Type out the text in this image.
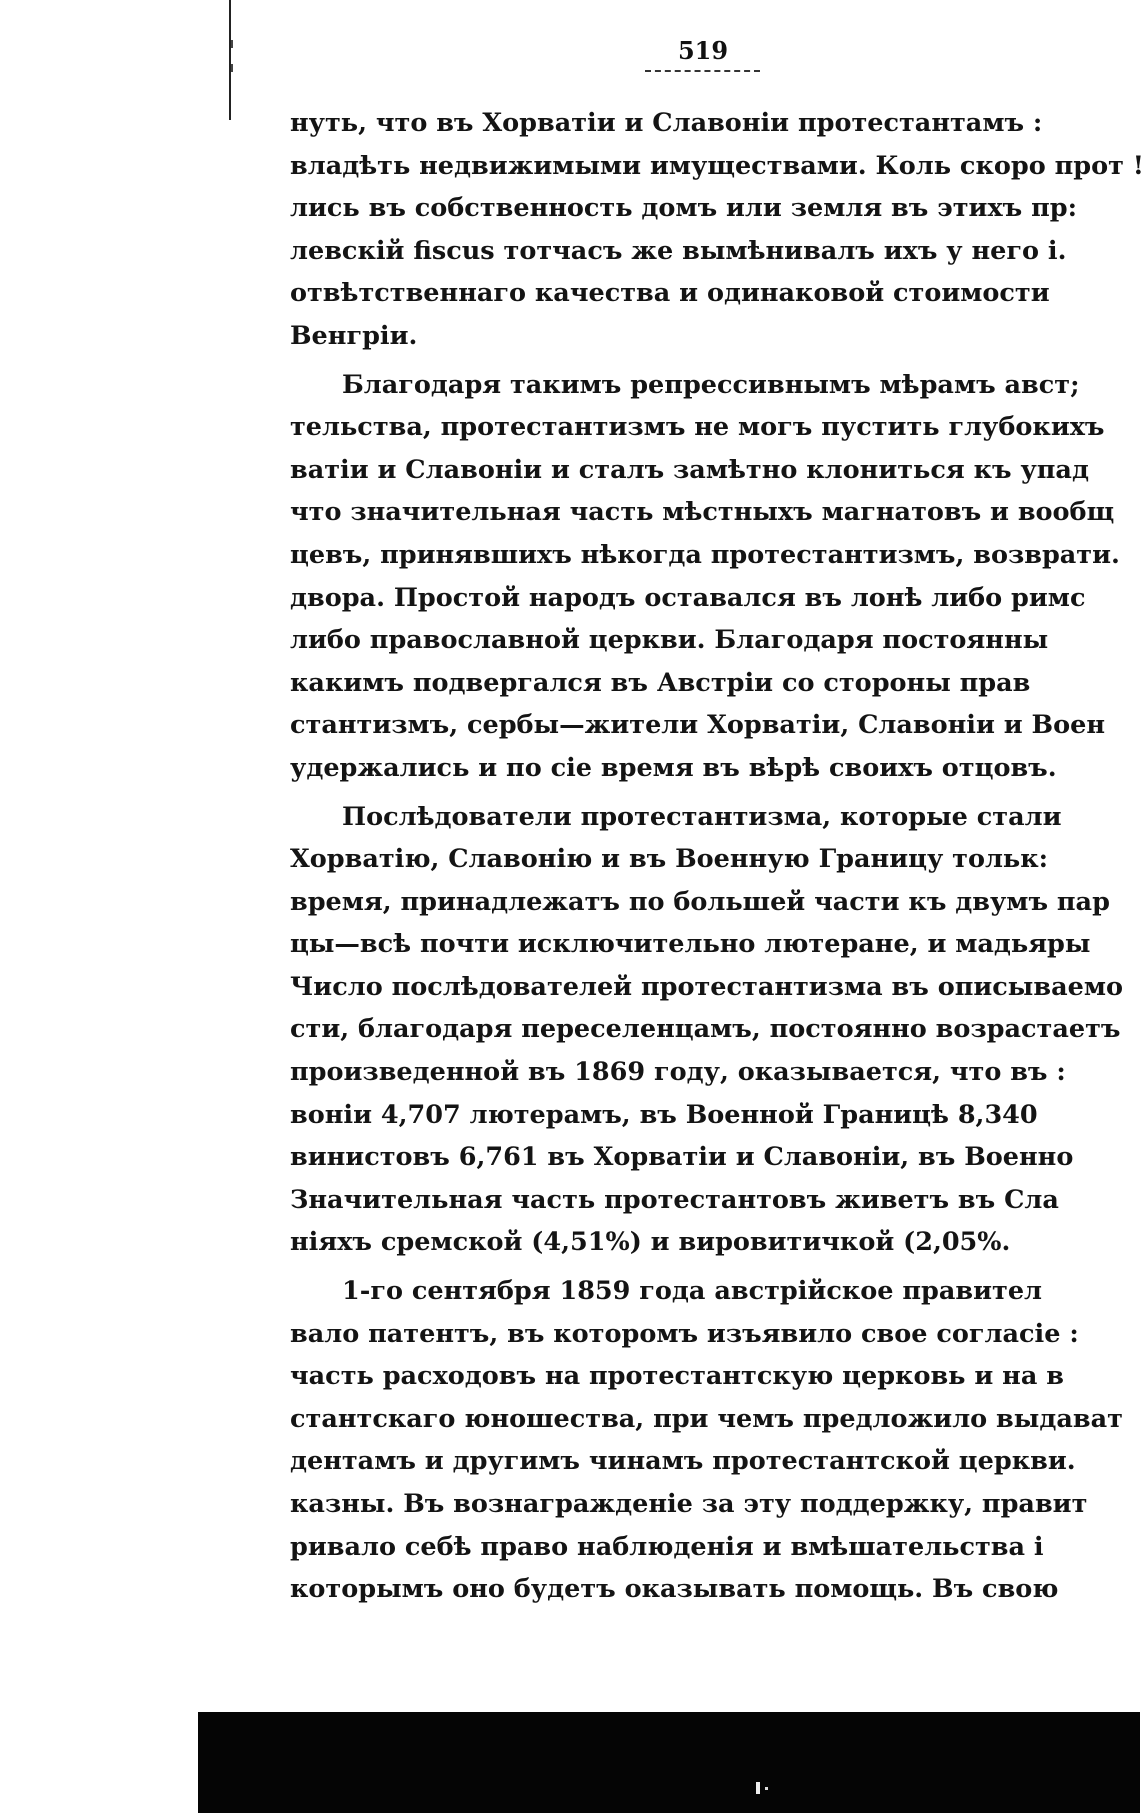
519
нуть, что въ Хорватіи и Славоніи протестантамъ :
владѣть недвижимыми имуществами. Коль скоро прот !
лись въ собственность домъ или земля въ этихъ пр:
левскій fiscus тотчасъ же вымѣнивалъ ихъ у него і.
отвѣтственнаго качества и одинаковой стоимости
Венгріи.
Благодаря такимъ репрессивнымъ мѣрамъ авст;
тельства, протестантизмъ не могъ пустить глубокихъ
ватіи и Славоніи и сталъ замѣтно клониться къ упад
что значительная часть мѣстныхъ магнатовъ и вообщ
цевъ, принявшихъ нѣкогда протестантизмъ, возврати.
двора. Простой народъ оставался въ лонѣ либо римс
либо православной церкви. Благодаря постоянны
какимъ подвергался въ Австріи со стороны прав
стантизмъ, сербы—жители Хорватіи, Славоніи и Воен
удержались и по сіе время въ вѣрѣ своихъ отцовъ.
Послѣдователи протестантизма, которые стали
Хорватію, Славонію и въ Военную Границу тольк:
время, принадлежатъ по большей части къ двумъ пар
цы—всѣ почти исключительно лютеране, и мадьяры
Число послѣдователей протестантизма въ описываемо
сти, благодаря переселенцамъ, постоянно возрастаетъ
произведенной въ 1869 году, оказывается, что въ :
воніи 4,707 лютерамъ, въ Военной Границѣ 8,340
винистовъ 6,761 въ Хорватіи и Славоніи, въ Военно
Значительная часть протестантовъ живетъ въ Сла
ніяхъ сремской (4,51%) и вировитичкой (2,05%.
1-го сентября 1859 года австрійское правител
вало патентъ, въ которомъ изъявило свое согласіе :
часть расходовъ на протестантскую церковь и на в
стантскаго юношества, при чемъ предложило выдават
дентамъ и другимъ чинамъ протестантской церкви.
казны. Въ вознагражденіе за эту поддержку, правит
ривало себѣ право наблюденія и вмѣшательства і
которымъ оно будетъ оказывать помощь. Въ свою
